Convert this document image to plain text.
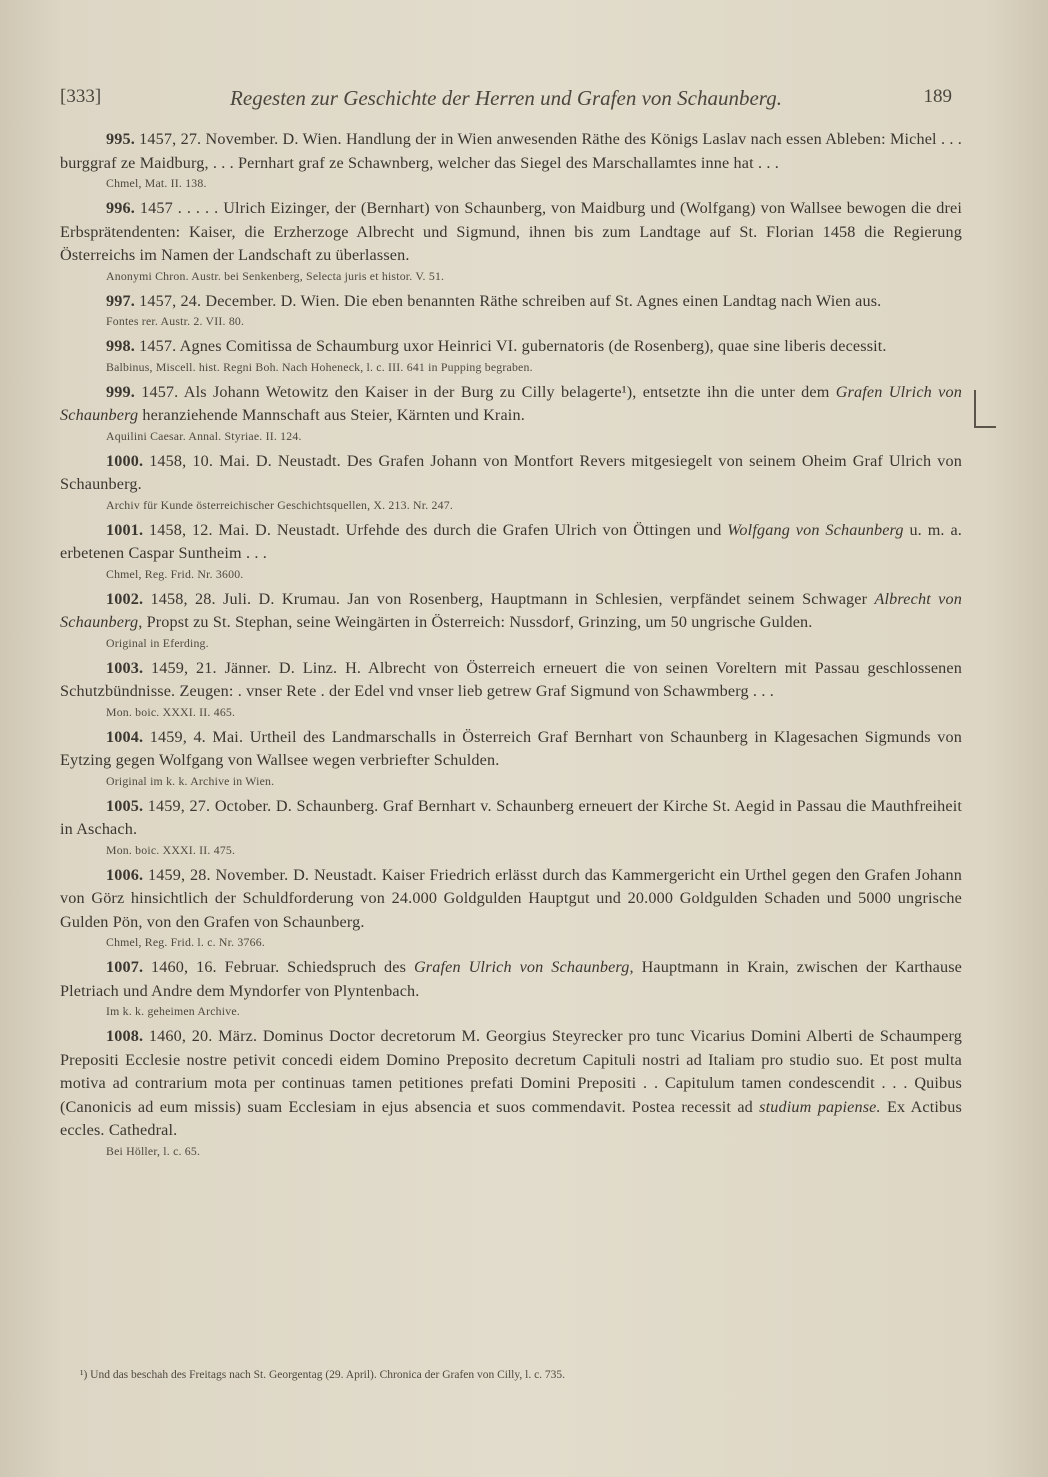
[333]	Regesten zur Geschichte der Herren und Grafen von Schaunberg.	189

995. 1457, 27. November. D. Wien. Handlung der in Wien anwesenden Räthe des Königs Laslav nach essen Ableben: Michel . . . burggraf ze Maidburg, . . . Pernhart graf ze Schawnberg, welcher das Siegel des Marschallamtes inne hat . . .

Chmel, Mat. II. 138.

996. 1457 . . . . . Ulrich Eizinger, der (Bernhart) von Schaunberg, von Maidburg und (Wolfgang) von Wallsee bewogen die drei Erbsprätendenten: Kaiser, die Erzherzoge Albrecht und Sigmund, ihnen bis zum Landtage auf St. Florian 1458 die Regierung Österreichs im Namen der Landschaft zu überlassen.

Anonymi Chron. Austr. bei Senkenberg, Selecta juris et histor. V. 51.

997. 1457, 24. December. D. Wien. Die eben benannten Räthe schreiben auf St. Agnes einen Landtag nach Wien aus.

Fontes rer. Austr. 2. VII. 80.

998. 1457. Agnes Comitissa de Schaumburg uxor Heinrici VI. gubernatoris (de Rosenberg), quae sine liberis decessit.

Balbinus, Miscell. hist. Regni Boh. Nach Hoheneck, l. c. III. 641 in Pupping begraben.

999. 1457. Als Johann Wetowitz den Kaiser in der Burg zu Cilly belagerte¹), entsetzte ihn die unter dem Grafen Ulrich von Schaunberg heranziehende Mannschaft aus Steier, Kärnten und Krain.

Aquilini Caesar. Annal. Styriae. II. 124.

1000. 1458, 10. Mai. D. Neustadt. Des Grafen Johann von Montfort Revers mitgesiegelt von seinem Oheim Graf Ulrich von Schaunberg.

Archiv für Kunde österreichischer Geschichtsquellen, X. 213. Nr. 247.

1001. 1458, 12. Mai. D. Neustadt. Urfehde des durch die Grafen Ulrich von Öttingen und Wolfgang von Schaunberg u. m. a. erbetenen Caspar Suntheim . . .

Chmel, Reg. Frid. Nr. 3600.

1002. 1458, 28. Juli. D. Krumau. Jan von Rosenberg, Hauptmann in Schlesien, verpfändet seinem Schwager Albrecht von Schaunberg, Propst zu St. Stephan, seine Weingärten in Österreich: Nussdorf, Grinzing, um 50 ungrische Gulden.

Original in Eferding.

1003. 1459, 21. Jänner. D. Linz. H. Albrecht von Österreich erneuert die von seinen Voreltern mit Passau geschlossenen Schutzbündnisse. Zeugen: . vnser Rete . der Edel vnd vnser lieb getrew Graf Sigmund von Schawmberg . . .

Mon. boic. XXXI. II. 465.

1004. 1459, 4. Mai. Urtheil des Landmarschalls in Österreich Graf Bernhart von Schaunberg in Klagesachen Sigmunds von Eytzing gegen Wolfgang von Wallsee wegen verbriefter Schulden.

Original im k. k. Archive in Wien.

1005. 1459, 27. October. D. Schaunberg. Graf Bernhart v. Schaunberg erneuert der Kirche St. Aegid in Passau die Mauthfreiheit in Aschach.

Mon. boic. XXXI. II. 475.

1006. 1459, 28. November. D. Neustadt. Kaiser Friedrich erlässt durch das Kammergericht ein Urthel gegen den Grafen Johann von Görz hinsichtlich der Schuldforderung von 24.000 Goldgulden Hauptgut und 20.000 Goldgulden Schaden und 5000 ungrische Gulden Pön, von den Grafen von Schaunberg.

Chmel, Reg. Frid. l. c. Nr. 3766.

1007. 1460, 16. Februar. Schiedspruch des Grafen Ulrich von Schaunberg, Hauptmann in Krain, zwischen der Karthause Pletriach und Andre dem Myndorfer von Plyntenbach.

Im k. k. geheimen Archive.

1008. 1460, 20. März. Dominus Doctor decretorum M. Georgius Steyrecker pro tunc Vicarius Domini Alberti de Schaumperg Prepositi Ecclesie nostre petivit concedi eidem Domino Preposito decretum Capituli nostri ad Italiam pro studio suo. Et post multa motiva ad contrarium mota per continuas tamen petitiones prefati Domini Prepositi . . Capitulum tamen condescendit . . . Quibus (Canonicis ad eum missis) suam Ecclesiam in ejus absencia et suos commendavit. Postea recessit ad studium papiense. Ex Actibus eccles. Cathedral.

Bei Höller, l. c. 65.

¹) Und das beschah des Freitags nach St. Georgentag (29. April). Chronica der Grafen von Cilly, l. c. 735.
